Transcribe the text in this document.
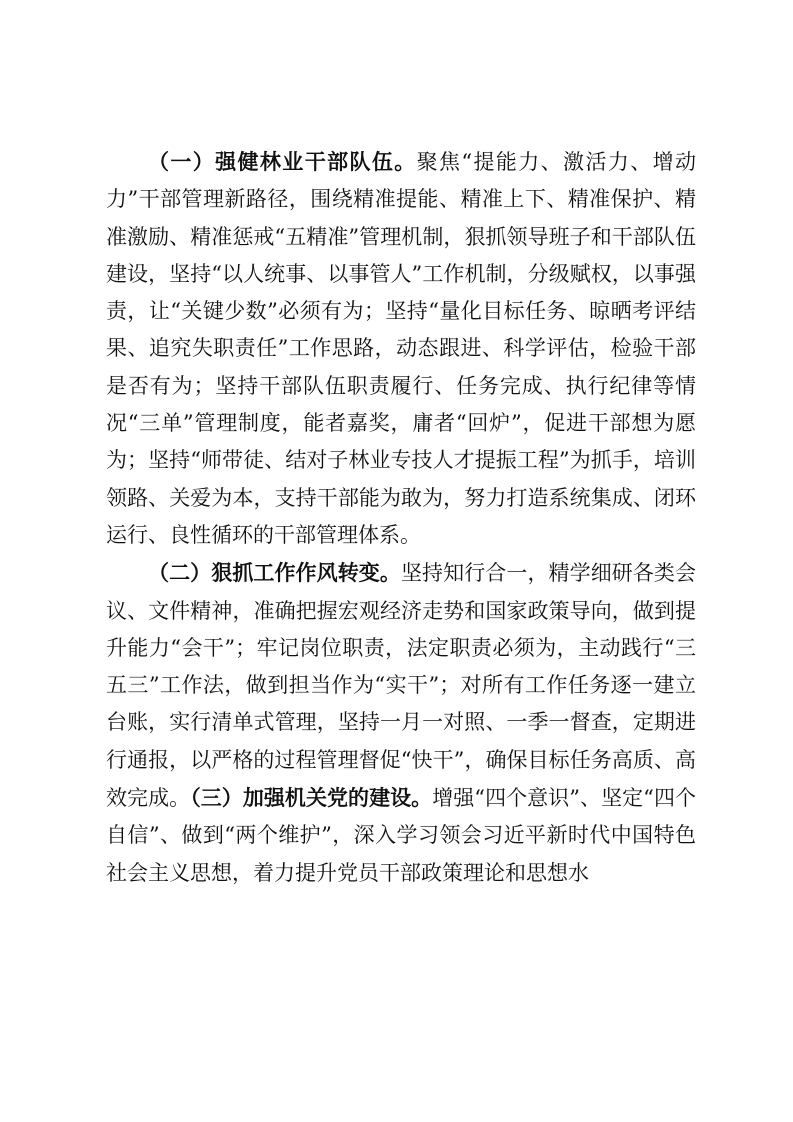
（一）强健林业干部队伍。聚焦“提能力、激活力、增动力”干部管理新路径，围绕精准提能、精准上下、精准保护、精准激励、精准惩戒“五精准”管理机制，狠抓领导班子和干部队伍建设，坚持“以人统事、以事管人”工作机制，分级赋权，以事强责，让“关键少数”必须有为；坚持“量化目标任务、晾晒考评结果、追究失职责任”工作思路，动态跟进、科学评估，检验干部是否有为；坚持干部队伍职责履行、任务完成、执行纪律等情况“三单”管理制度，能者嘉奖，庸者“回炉”，促进干部想为愿为；坚持“师带徒、结对子林业专技人才提振工程”为抓手，培训领路、关爱为本，支持干部能为敢为，努力打造系统集成、闭环运行、良性循环的干部管理体系。

（二）狠抓工作作风转变。坚持知行合一，精学细研各类会议、文件精神，准确把握宏观经济走势和国家政策导向，做到提升能力“会干”；牢记岗位职责，法定职责必须为，主动践行“三五三”工作法，做到担当作为“实干”；对所有工作任务逐一建立台账，实行清单式管理，坚持一月一对照、一季一督查，定期进行通报，以严格的过程管理督促“快干”，确保目标任务高质、高效完成。（三）加强机关党的建设。增强“四个意识”、坚定“四个自信”、做到“两个维护”，深入学习领会习近平新时代中国特色社会主义思想，着力提升党员干部政策理论和思想水
